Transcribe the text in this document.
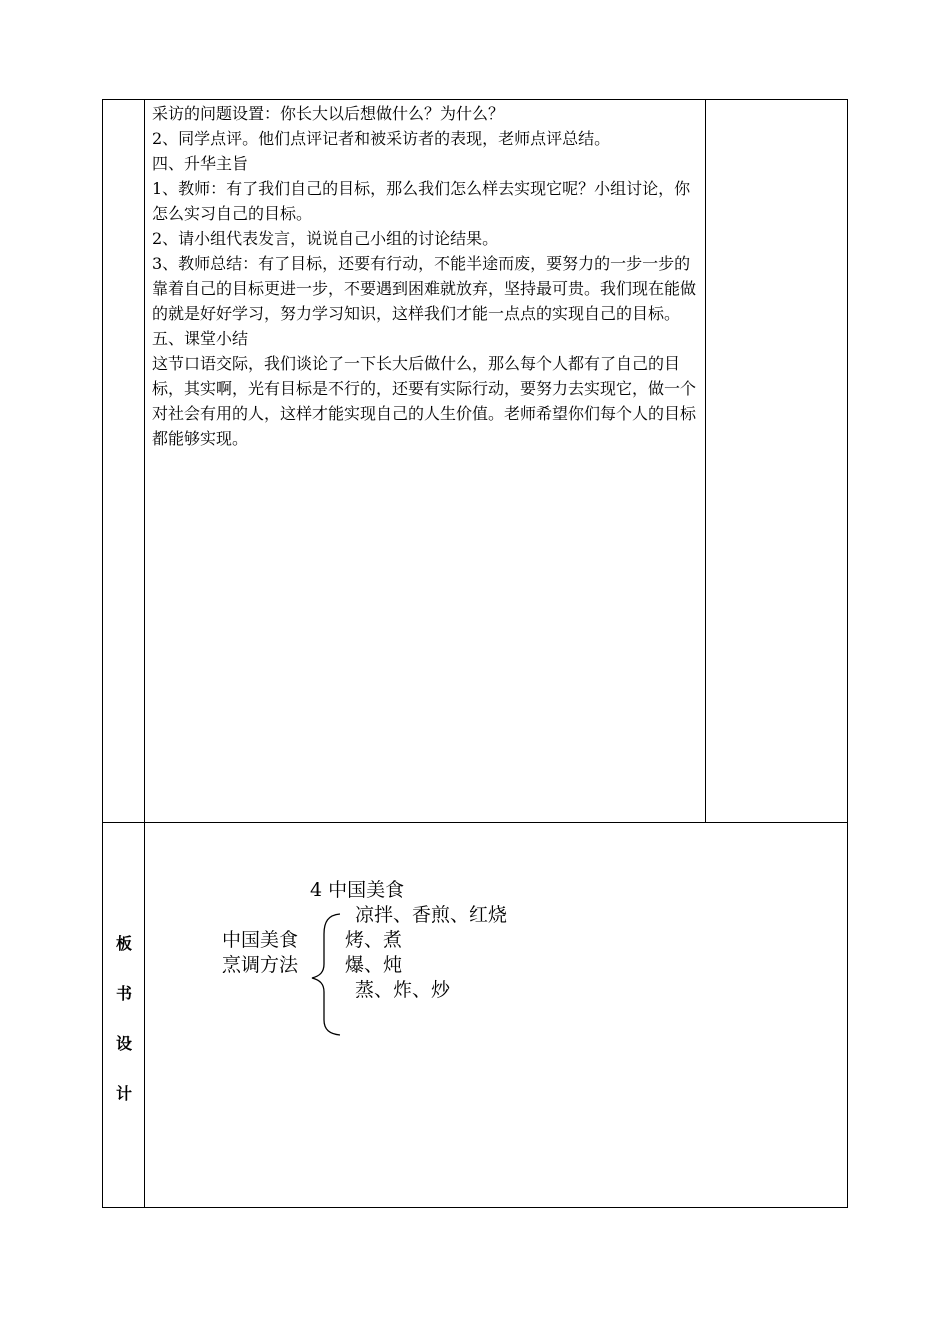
采访的问题设置：你长大以后想做什么？为什么？

2、同学点评。他们点评记者和被采访者的表现，老师点评总结。

四、升华主旨

1、教师：有了我们自己的目标，那么我们怎么样去实现它呢？小组讨论，你怎么实习自己的目标。

2、请小组代表发言，说说自己小组的讨论结果。

3、教师总结：有了目标，还要有行动，不能半途而废，要努力的一步一步的靠着自己的目标更进一步，不要遇到困难就放弃，坚持最可贵。我们现在能做的就是好好学习，努力学习知识，这样我们才能一点点的实现自己的目标。

五、课堂小结

这节口语交际，我们谈论了一下长大后做什么，那么每个人都有了自己的目标，其实啊，光有目标是不行的，还要有实际行动，要努力去实现它，做一个对社会有用的人，这样才能实现自己的人生价值。老师希望你们每个人的目标都能够实现。

板
书
设
计
4 中国美食
凉拌、香煎、红烧
中国美食 烤、煮
烹调方法 爆、炖
蒸、炸、炒
